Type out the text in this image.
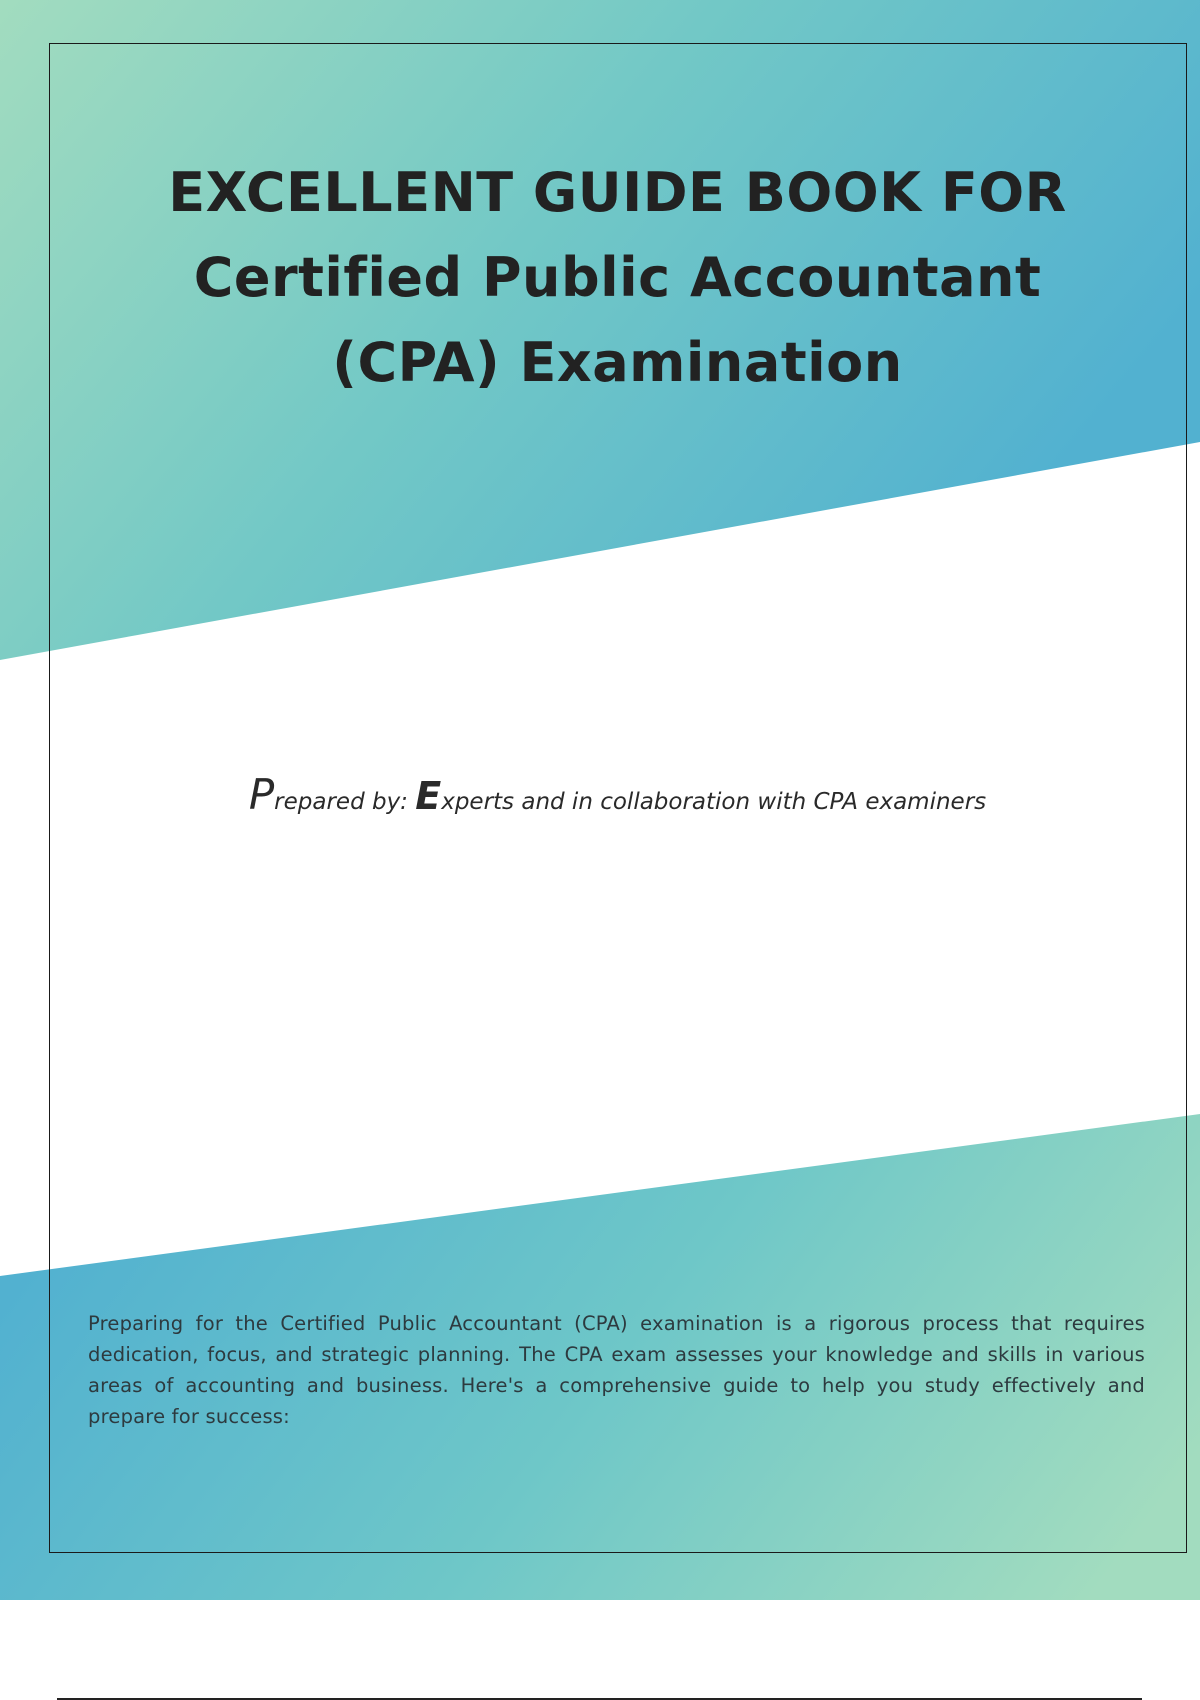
EXCELLENT GUIDE BOOK FOR
Certified Public Accountant
(CPA) Examination
Prepared by: Experts and in collaboration with CPA examiners

Preparing for the Certified Public Accountant (CPA) examination is a rigorous process that requires dedication, focus, and strategic planning. The CPA exam assesses your knowledge and skills in various areas of accounting and business. Here's a comprehensive guide to help you study effectively and prepare for success:
